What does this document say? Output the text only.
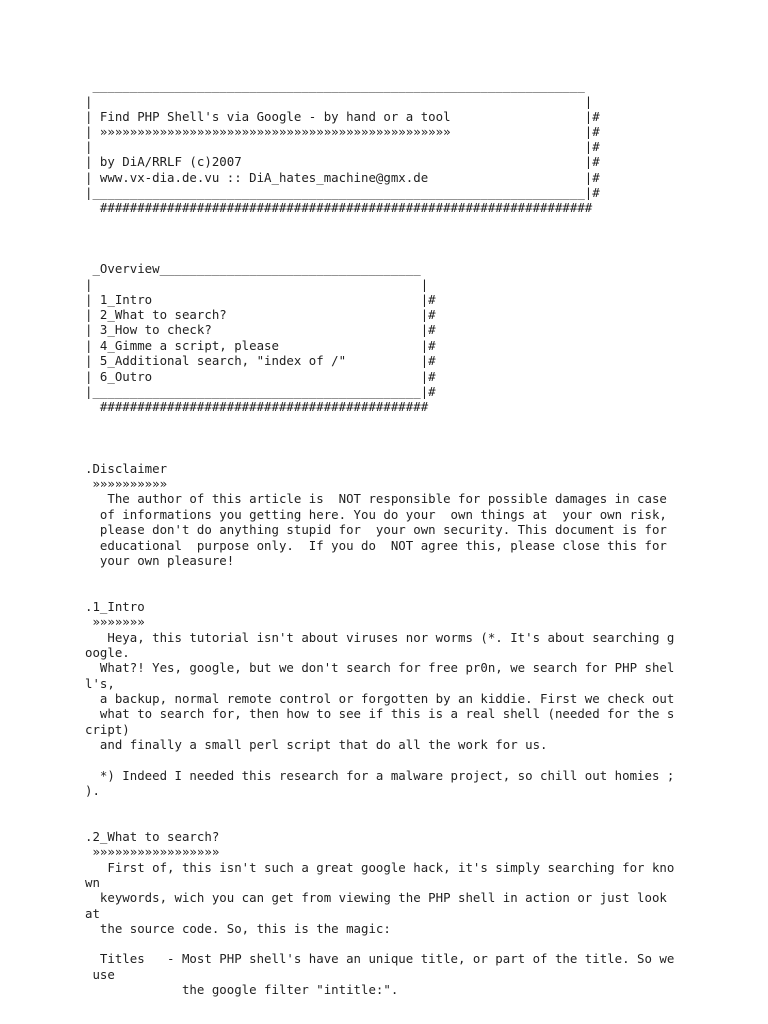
__________________________________________________________________
|                                                                  |
| Find PHP Shell's via Google - by hand or a tool                  |#
| »»»»»»»»»»»»»»»»»»»»»»»»»»»»»»»»»»»»»»»»»»»»»»»                  |#
|                                                                  |#
| by DiA/RRLF (c)2007                                              |#
| www.vx-dia.de.vu :: DiA_hates_machine@gmx.de                     |#
|__________________________________________________________________|#
##################################################################
_Overview___________________________________
|                                            |
| 1_Intro                                    |#
| 2_What to search?                          |#
| 3_How to check?                            |#
| 4_Gimme a script, please                   |#
| 5_Additional search, "index of /"          |#
| 6_Outro                                    |#
|____________________________________________|#
############################################
.Disclaimer
»»»»»»»»»»
The author of this article is  NOT responsible for possible damages in case
of informations you getting here. You do your  own things at  your own risk,
please don't do anything stupid for  your own security. This document is for
educational  purpose only.  If you do  NOT agree this, please close this for
your own pleasure!
.1_Intro
»»»»»»»
Heya, this tutorial isn't about viruses nor worms (*. It's about searching g
oogle.
What?! Yes, google, but we don't search for free pr0n, we search for PHP shel
l's,
a backup, normal remote control or forgotten by an kiddie. First we check out
what to search for, then how to see if this is a real shell (needed for the s
cript)
and finally a small perl script that do all the work for us.
*) Indeed I needed this research for a malware project, so chill out homies ;
).
.2_What to search?
»»»»»»»»»»»»»»»»»
First of, this isn't such a great google hack, it's simply searching for kno
wn
keywords, wich you can get from viewing the PHP shell in action or just look
at
the source code. So, this is the magic:
Titles   - Most PHP shell's have an unique title, or part of the title. So we
use
the google filter "intitle:".
